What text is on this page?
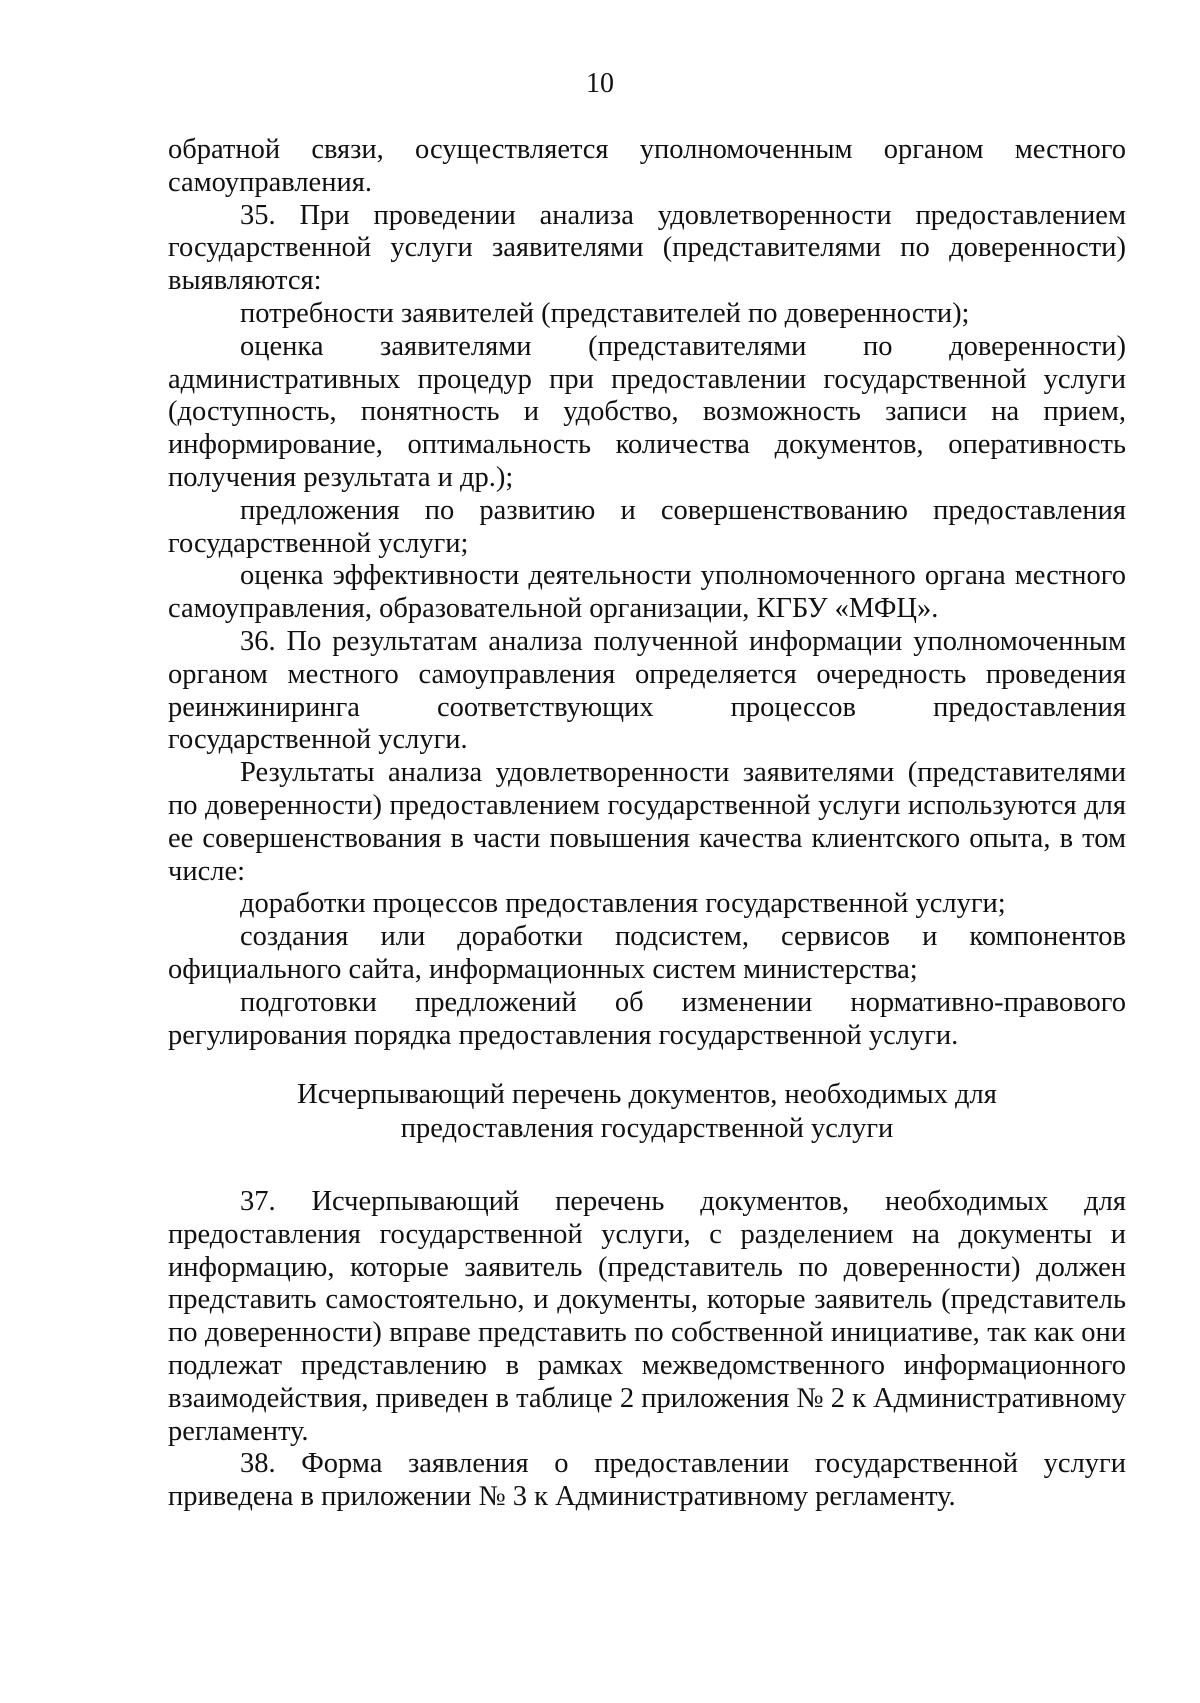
10

обратной связи, осуществляется уполномоченным органом местного самоуправления.

35. При проведении анализа удовлетворенности предоставлением государственной услуги заявителями (представителями по доверенности) выявляются:

потребности заявителей (представителей по доверенности);

оценка заявителями (представителями по доверенности) административных процедур при предоставлении государственной услуги (доступность, понятность и удобство, возможность записи на прием, информирование, оптимальность количества документов, оперативность получения результата и др.);

предложения по развитию и совершенствованию предоставления государственной услуги;

оценка эффективности деятельности уполномоченного органа местного самоуправления, образовательной организации, КГБУ «МФЦ».

36. По результатам анализа полученной информации уполномоченным органом местного самоуправления определяется очередность проведения реинжиниринга соответствующих процессов предоставления государственной услуги.

Результаты анализа удовлетворенности заявителями (представителями по доверенности) предоставлением государственной услуги используются для ее совершенствования в части повышения качества клиентского опыта, в том числе:

доработки процессов предоставления государственной услуги;

создания или доработки подсистем, сервисов и компонентов официального сайта, информационных систем министерства;

подготовки предложений об изменении нормативно-правового регулирования порядка предоставления государственной услуги.

Исчерпывающий перечень документов, необходимых для
предоставления государственной услуги

37. Исчерпывающий перечень документов, необходимых для предоставления государственной услуги, с разделением на документы и информацию, которые заявитель (представитель по доверенности) должен представить самостоятельно, и документы, которые заявитель (представитель по доверенности) вправе представить по собственной инициативе, так как они подлежат представлению в рамках межведомственного информационного взаимодействия, приведен в таблице 2 приложения № 2 к Административному регламенту.

38. Форма заявления о предоставлении государственной услуги приведена в приложении № 3 к Административному регламенту.
